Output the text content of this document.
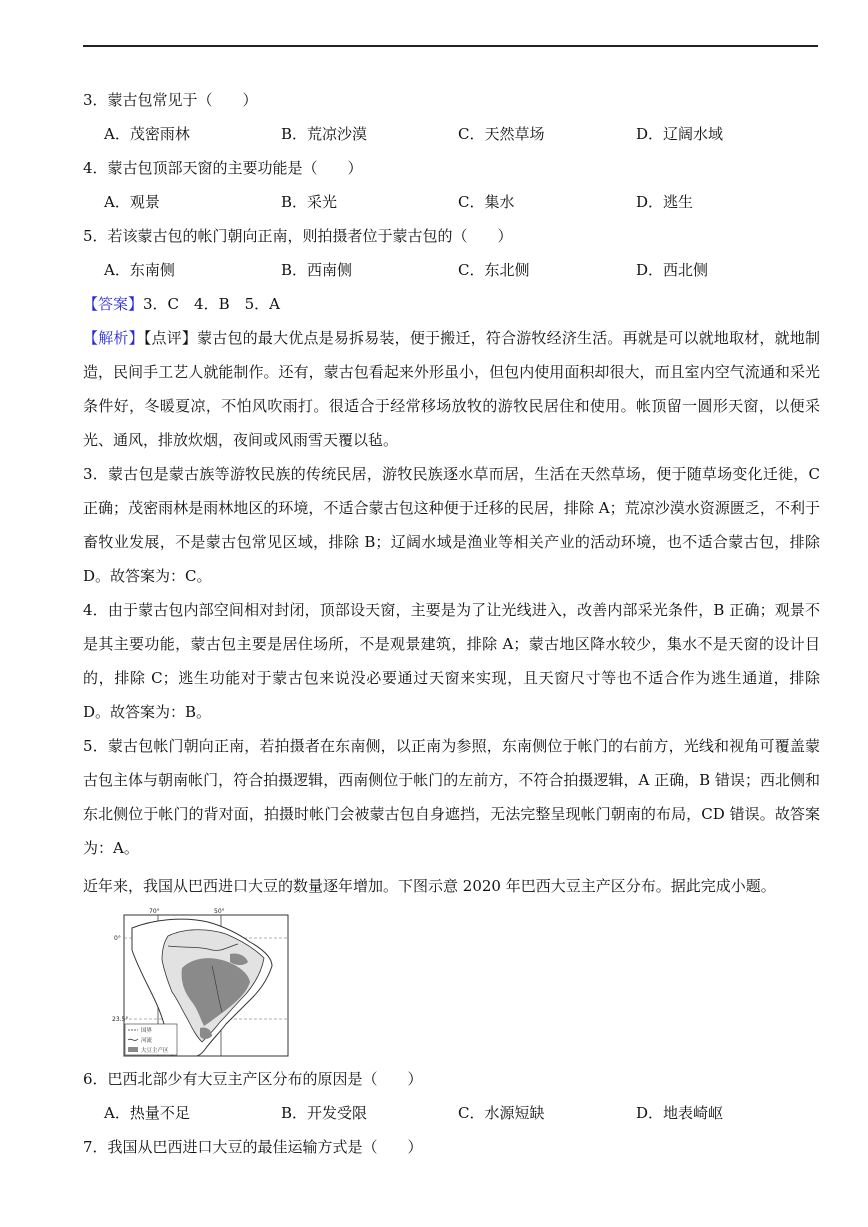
3．蒙古包常见于（　　）
A．茂密雨林	B．荒凉沙漠	C．天然草场	D．辽阔水域
4．蒙古包顶部天窗的主要功能是（　　）
A．观景	B．采光	C．集水	D．逃生
5．若该蒙古包的帐门朝向正南，则拍摄者位于蒙古包的（　　）
A．东南侧	B．西南侧	C．东北侧	D．西北侧
【答案】3．C　4．B　5．A

【解析】【点评】蒙古包的最大优点是易拆易装，便于搬迁，符合游牧经济生活。再就是可以就地取材，就地制造，民间手工艺人就能制作。还有，蒙古包看起来外形虽小，但包内使用面积却很大，而且室内空气流通和采光条件好，冬暖夏凉，不怕风吹雨打。很适合于经常移场放牧的游牧民居住和使用。帐顶留一圆形天窗，以便采光、通风，排放炊烟，夜间或风雨雪天覆以毡。

3．蒙古包是蒙古族等游牧民族的传统民居，游牧民族逐水草而居，生活在天然草场，便于随草场变化迁徙，C 正确；茂密雨林是雨林地区的环境，不适合蒙古包这种便于迁移的民居，排除 A；荒凉沙漠水资源匮乏，不利于畜牧业发展，不是蒙古包常见区域，排除 B；辽阔水域是渔业等相关产业的活动环境，也不适合蒙古包，排除 D。故答案为：C。

4．由于蒙古包内部空间相对封闭，顶部设天窗，主要是为了让光线进入，改善内部采光条件，B 正确；观景不是其主要功能，蒙古包主要是居住场所，不是观景建筑，排除 A；蒙古地区降水较少，集水不是天窗的设计目的，排除 C；逃生功能对于蒙古包来说没必要通过天窗来实现，且天窗尺寸等也不适合作为逃生通道，排除 D。故答案为：B。

5．蒙古包帐门朝向正南，若拍摄者在东南侧，以正南为参照，东南侧位于帐门的右前方，光线和视角可覆盖蒙古包主体与朝南帐门，符合拍摄逻辑，西南侧位于帐门的左前方，不符合拍摄逻辑，A 正确，B 错误；西北侧和东北侧位于帐门的背对面，拍摄时帐门会被蒙古包自身遮挡，无法完整呈现帐门朝南的布局，CD 错误。故答案为：A。

近年来，我国从巴西进口大豆的数量逐年增加。下图示意 2020 年巴西大豆主产区分布。据此完成小题。
70°	50°
0°
23.5°
国界
河流
大豆主产区
6．巴西北部少有大豆主产区分布的原因是（　　）
A．热量不足	B．开发受限	C．水源短缺	D．地表崎岖
7．我国从巴西进口大豆的最佳运输方式是（　　）
